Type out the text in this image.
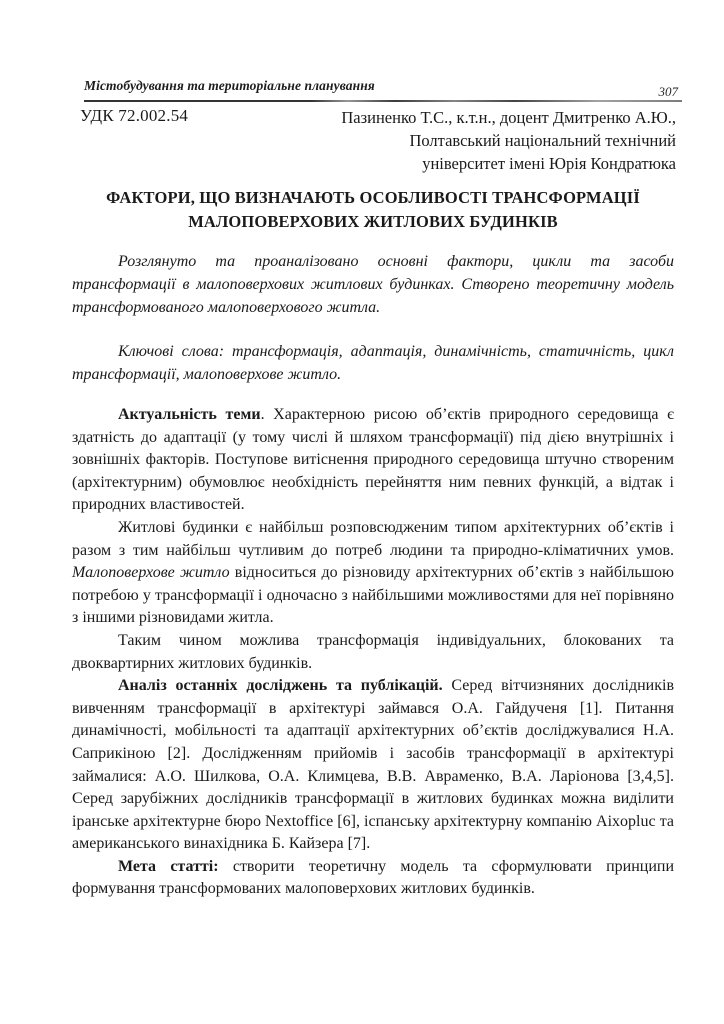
Містобудування та територіальне планування	307
УДК 72.002.54	Пазиненко Т.С., к.т.н., доцент Дмитренко А.Ю.,
Полтавський національний технічний
університет імені Юрія Кондратюка
ФАКТОРИ, ЩО ВИЗНАЧАЮТЬ ОСОБЛИВОСТІ ТРАНСФОРМАЦІЇ МАЛОПОВЕРХОВИХ ЖИТЛОВИХ БУДИНКІВ
Розглянуто та проаналізовано основні фактори, цикли та засоби трансформації в малоповерхових житлових будинках. Створено теоретичну модель трансформованого малоповерхового житла.
Ключові слова: трансформація, адаптація, динамічність, статичність, цикл трансформації, малоповерхове житло.

Актуальність теми. Характерною рисою об’єктів природного середовища є здатність до адаптації (у тому числі й шляхом трансформації) під дією внутрішніх і зовнішніх факторів. Поступове витіснення природного середовища штучно створеним (архітектурним) обумовлює необхідність перейняття ним певних функцій, а відтак і природних властивостей.

Житлові будинки є найбільш розповсюдженим типом архітектурних об’єктів і разом з тим найбільш чутливим до потреб людини та природно-кліматичних умов. Малоповерхове житло відноситься до різновиду архітектурних об’єктів з найбільшою потребою у трансформації і одночасно з найбільшими можливостями для неї порівняно з іншими різновидами житла.

Таким чином можлива трансформація індивідуальних, блокованих та двоквартирних житлових будинків.

Аналіз останніх досліджень та публікацій. Серед вітчизняних дослідників вивченням трансформації в архітектурі займався О.А. Гайдученя [1]. Питання динамічності, мобільності та адаптації архітектурних об’єктів досліджувалися Н.А. Саприкіною [2]. Дослідженням прийомів і засобів трансформації в архітектурі займалися: А.О. Шилкова, О.А. Климцева, В.В. Авраменко, В.А. Ларіонова [3,4,5]. Серед зарубіжних дослідників трансформації в житлових будинках можна виділити іранське архітектурне бюро Nextoffice [6], іспанську архітектурну компанію Aixopluc та американського винахідника Б. Кайзера [7].

Мета статті: створити теоретичну модель та сформулювати принципи формування трансформованих малоповерхових житлових будинків.
